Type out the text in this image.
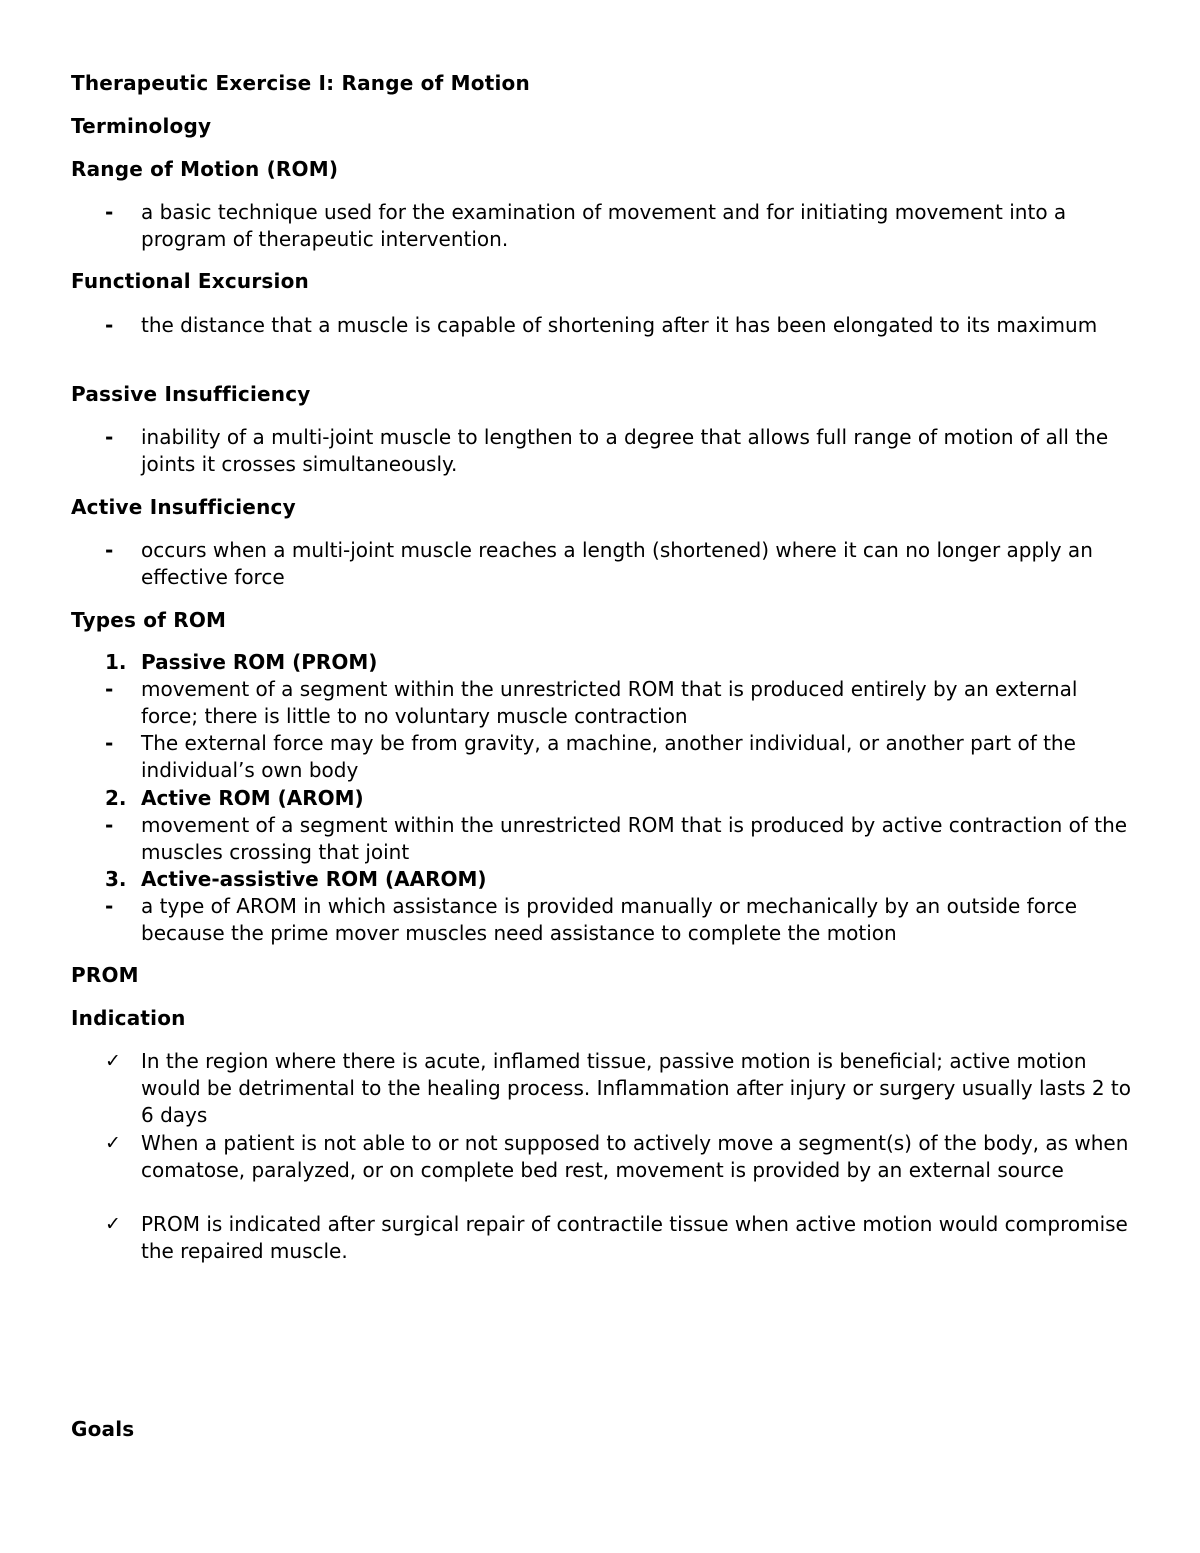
Therapeutic Exercise I: Range of Motion
Terminology
Range of Motion (ROM)
-	a basic technique used for the examination of movement and for initiating movement into a program of therapeutic intervention.
Functional Excursion
-	the distance that a muscle is capable of shortening after it has been elongated to its maximum
Passive Insufficiency
-	inability of a multi-joint muscle to lengthen to a degree that allows full range of motion of all the joints it crosses simultaneously.
Active Insufficiency
-	occurs when a multi-joint muscle reaches a length (shortened) where it can no longer apply an effective force
Types of ROM
1. Passive ROM (PROM)
-	movement of a segment within the unrestricted ROM that is produced entirely by an external force; there is little to no voluntary muscle contraction
-	The external force may be from gravity, a machine, another individual, or another part of the individual’s own body
2. Active ROM (AROM)
-	movement of a segment within the unrestricted ROM that is produced by active contraction of the muscles crossing that joint
3. Active-assistive ROM (AAROM)
-	a type of AROM in which assistance is provided manually or mechanically by an outside force because the prime mover muscles need assistance to complete the motion
PROM
Indication
✓	In the region where there is acute, inflamed tissue, passive motion is beneficial; active motion would be detrimental to the healing process. Inflammation after injury or surgery usually lasts 2 to 6 days
✓	When a patient is not able to or not supposed to actively move a segment(s) of the body, as when comatose, paralyzed, or on complete bed rest, movement is provided by an external source
✓	PROM is indicated after surgical repair of contractile tissue when active motion would compromise the repaired muscle.
Goals
